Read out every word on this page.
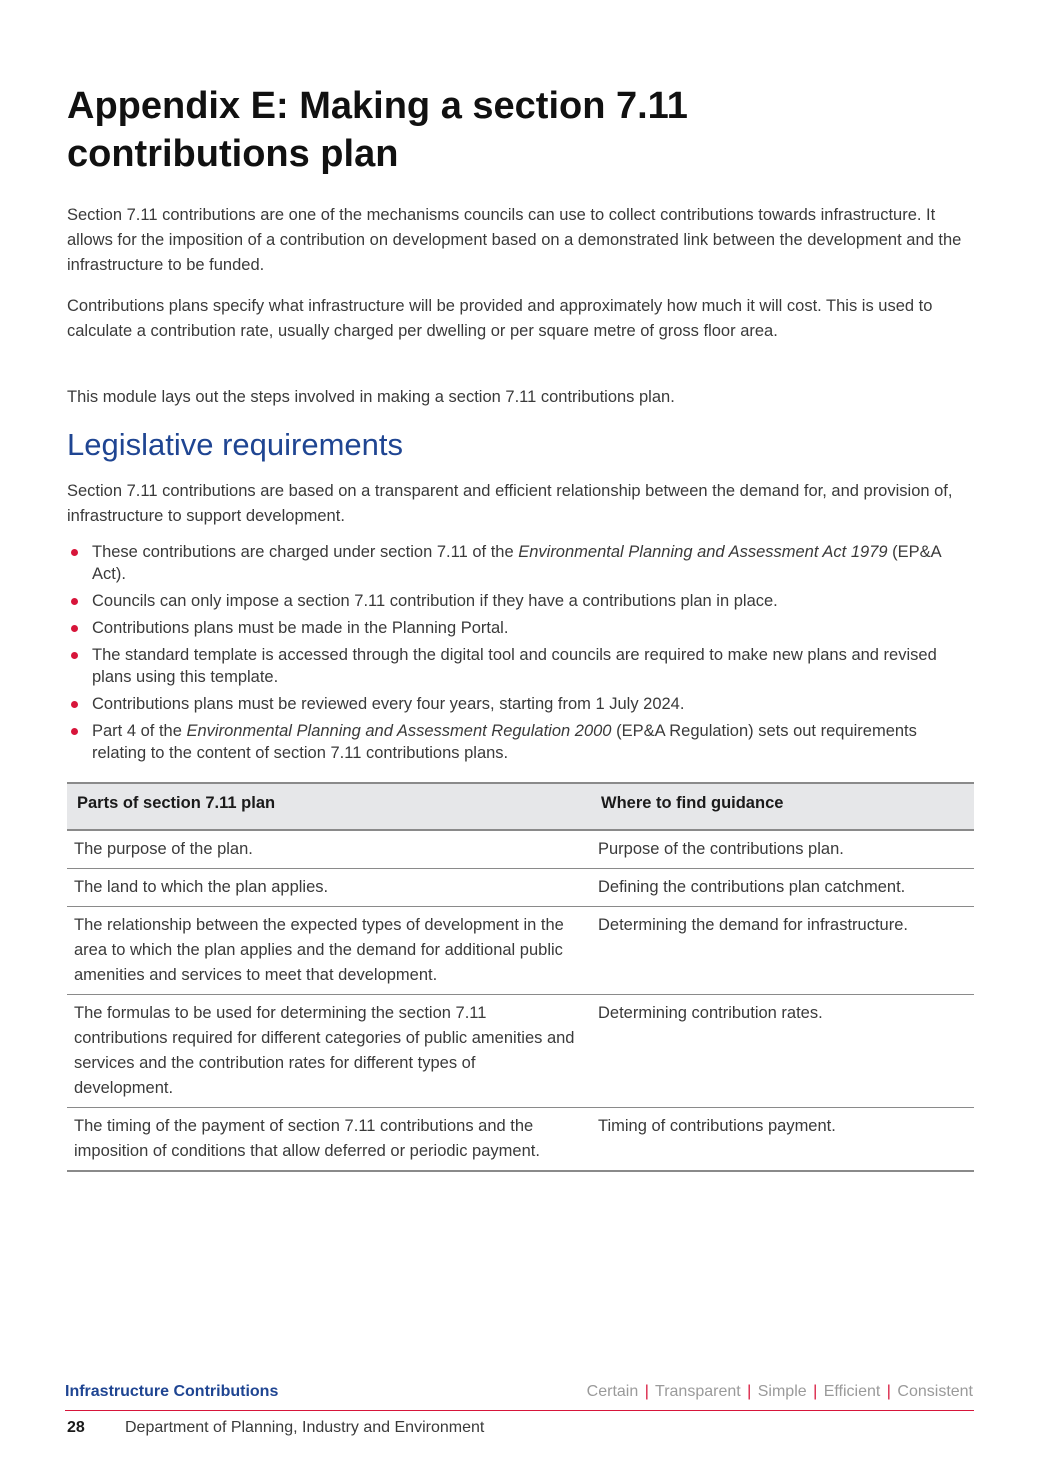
Appendix E: Making a section 7.11 contributions plan

Section 7.11 contributions are one of the mechanisms councils can use to collect contributions towards infrastructure. It allows for the imposition of a contribution on development based on a demonstrated link between the development and the infrastructure to be funded.

Contributions plans specify what infrastructure will be provided and approximately how much it will cost. This is used to calculate a contribution rate, usually charged per dwelling or per square metre of gross floor area.

This module lays out the steps involved in making a section 7.11 contributions plan.

Legislative requirements

Section 7.11 contributions are based on a transparent and efficient relationship between the demand for, and provision of, infrastructure to support development.

These contributions are charged under section 7.11 of the Environmental Planning and Assessment Act 1979 (EP&A Act).
Councils can only impose a section 7.11 contribution if they have a contributions plan in place.
Contributions plans must be made in the Planning Portal.
The standard template is accessed through the digital tool and councils are required to make new plans and revised plans using this template.
Contributions plans must be reviewed every four years, starting from 1 July 2024.
Part 4 of the Environmental Planning and Assessment Regulation 2000 (EP&A Regulation) sets out requirements relating to the content of section 7.11 contributions plans.
Parts of section 7.11 plan	Where to find guidance
The purpose of the plan.	Purpose of the contributions plan.
The land to which the plan applies.	Defining the contributions plan catchment.
The relationship between the expected types of development in the area to which the plan applies and the demand for additional public amenities and services to meet that development.	Determining the demand for infrastructure.
The formulas to be used for determining the section 7.11 contributions required for different categories of public amenities and services and the contribution rates for different types of development.	Determining contribution rates.
The timing of the payment of section 7.11 contributions and the imposition of conditions that allow deferred or periodic payment.	Timing of contributions payment.
Infrastructure Contributions	Certain | Transparent | Simple | Efficient | Consistent
28	Department of Planning, Industry and Environment
